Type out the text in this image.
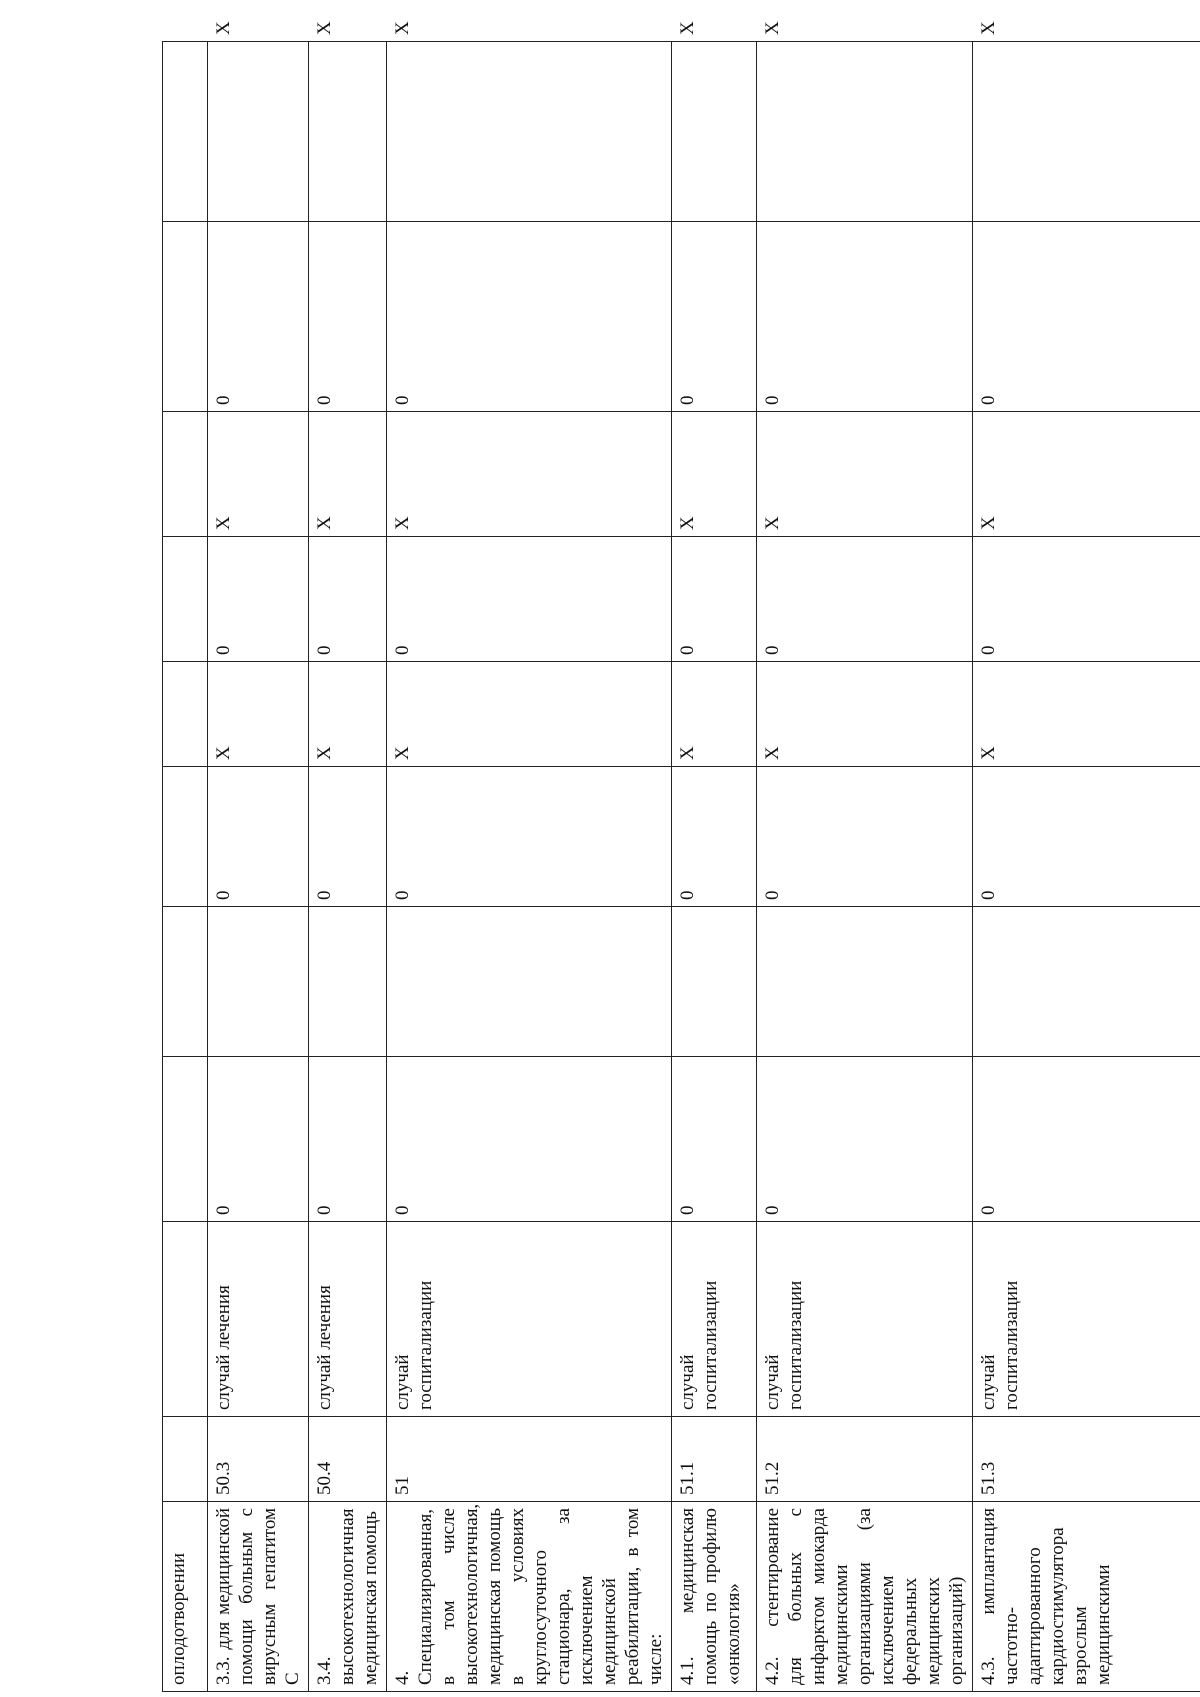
оплодотворении											
3.3. для медицинской помощи больным с вирусным гепатитом С	50.3	случай лечения	0		0	X	0	X	0		X
3.4. высокотехнологичная медицинская помощь	50.4	случай лечения	0		0	X	0	X	0		X
4. Специализированная, в том числе высокотехнологичная, медицинская помощь в условиях круглосуточного стационара, за исключением медицинской реабилитации, в том числе:	51	случай госпитализации	0		0	X	0	X	0		X
4.1. медицинская помощь по профилю «онкология»	51.1	случай госпитализации	0		0	X	0	X	0		X
4.2. стентирование для больных с инфарктом миокарда медицинскими организациями (за исключением федеральных медицинских организаций)	51.2	случай госпитализации	0		0	X	0	X	0		X
4.3. имплантация частотно-адаптированного кардиостимулятора взрослым медицинскими	51.3	случай госпитализации	0		0	X	0	X	0		X
